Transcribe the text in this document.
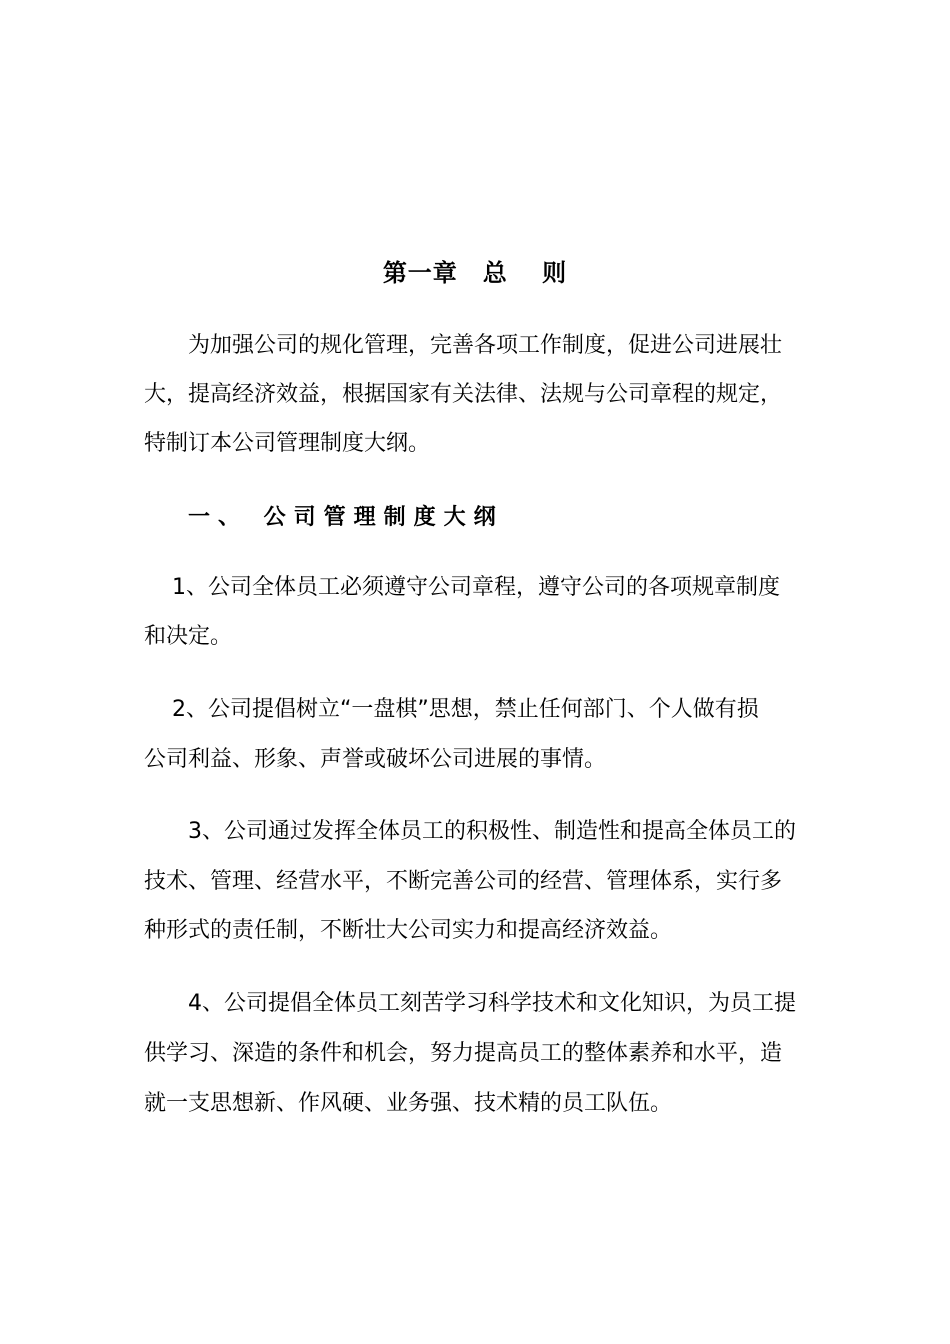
第一章　总　 则

为加强公司的规化管理，完善各项工作制度，促进公司进展壮

大，提高经济效益，根据国家有关法律、法规与公司章程的规定，

特制订本公司管理制度大纲。

一、 公司管理制度大纲

1、公司全体员工必须遵守公司章程，遵守公司的各项规章制度

和决定。

2、公司提倡树立“一盘棋”思想，禁止任何部门、个人做有损

公司利益、形象、声誉或破坏公司进展的事情。

3、公司通过发挥全体员工的积极性、制造性和提高全体员工的

技术、管理、经营水平，不断完善公司的经营、管理体系，实行多

种形式的责任制，不断壮大公司实力和提高经济效益。

4、公司提倡全体员工刻苦学习科学技术和文化知识，为员工提

供学习、深造的条件和机会，努力提高员工的整体素养和水平，造

就一支思想新、作风硬、业务强、技术精的员工队伍。
